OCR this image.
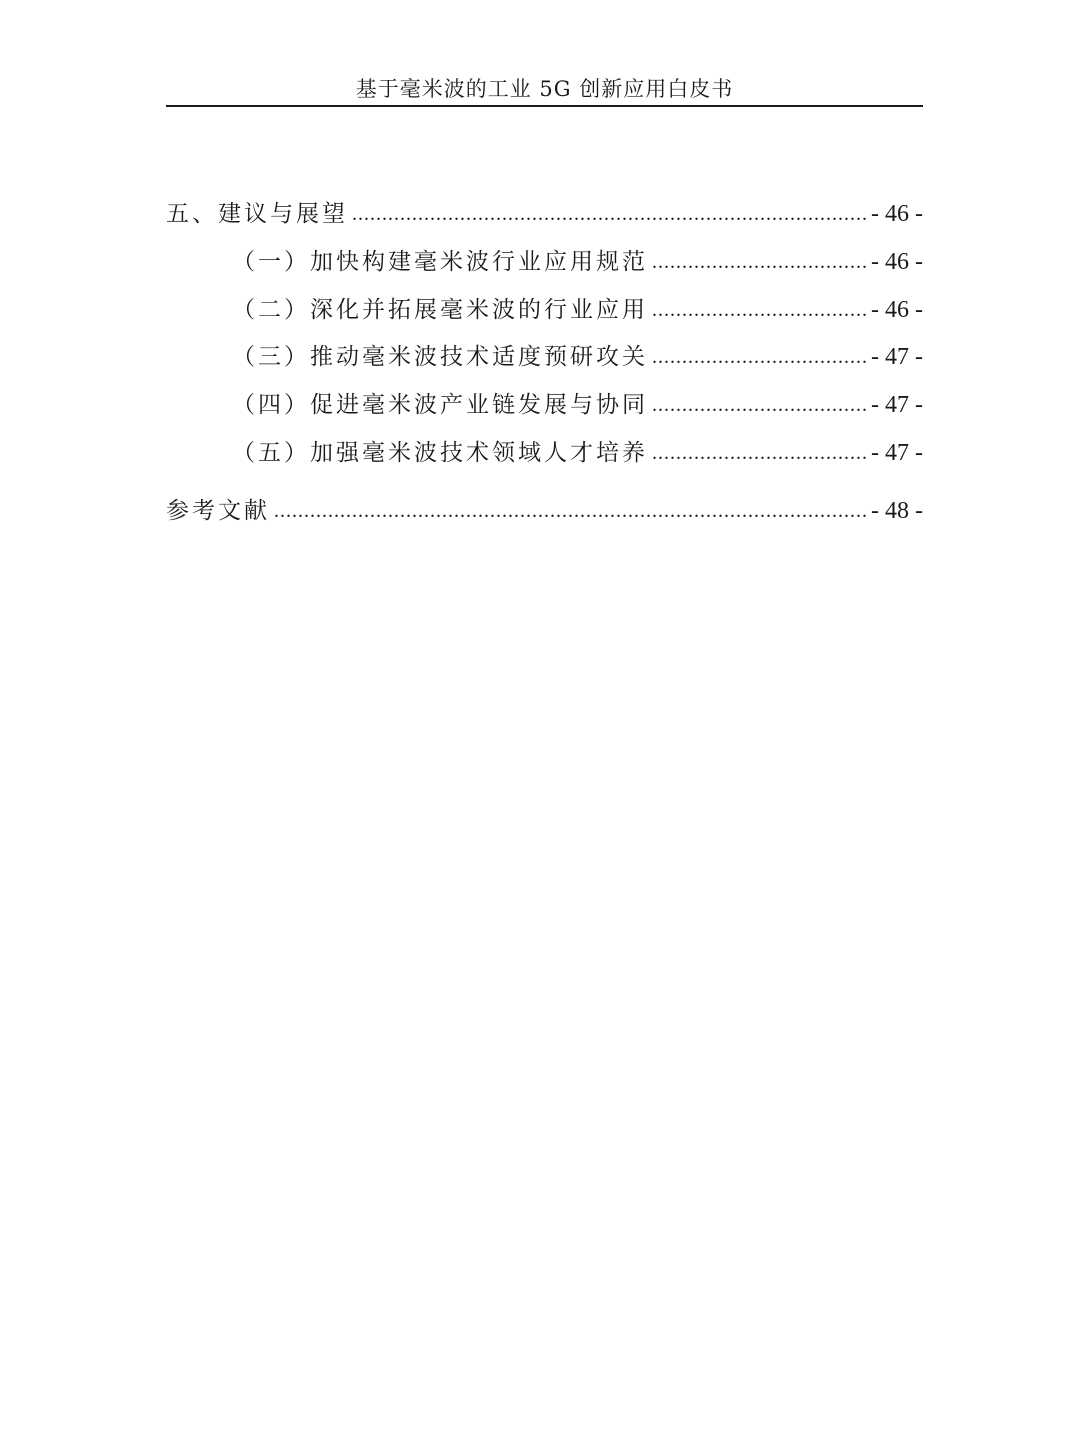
基于毫米波的工业 5G 创新应用白皮书
五、建议与展望 .....	- 46 -
（一）加快构建毫米波行业应用规范 .....	- 46 -
（二）深化并拓展毫米波的行业应用 .....	- 46 -
（三）推动毫米波技术适度预研攻关 .....	- 47 -
（四）促进毫米波产业链发展与协同 .....	- 47 -
（五）加强毫米波技术领域人才培养 .....	- 47 -
参考文献 .....	- 48 -
